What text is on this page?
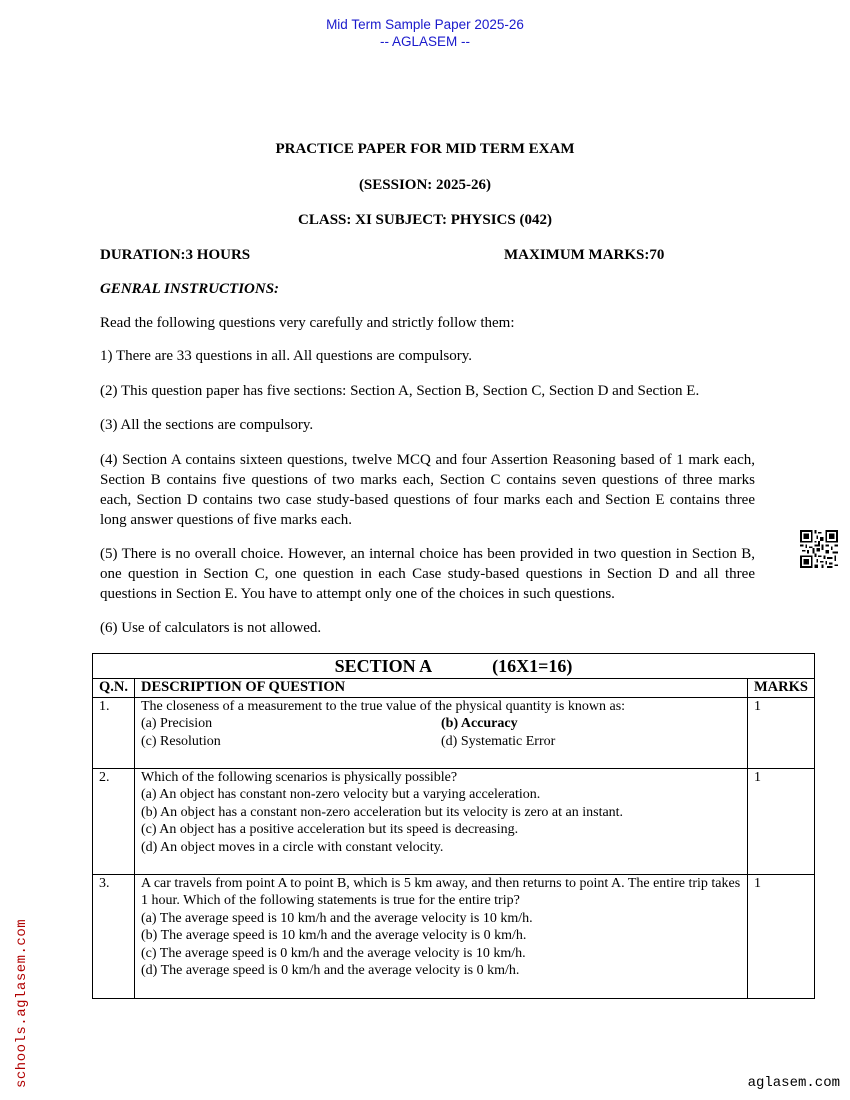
Mid Term Sample Paper 2025-26
-- AGLASEM --
PRACTICE PAPER FOR MID TERM EXAM
(SESSION: 2025-26)
CLASS: XI SUBJECT: PHYSICS (042)
DURATION:3 HOURS	MAXIMUM MARKS:70
GENRAL INSTRUCTIONS:
Read the following questions very carefully and strictly follow them:
1) There are 33 questions in all. All questions are compulsory.
(2) This question paper has five sections: Section A, Section B, Section C, Section D and Section E.
(3) All the sections are compulsory.
(4) Section A contains sixteen questions, twelve MCQ and four Assertion Reasoning based of 1 mark each, Section B contains five questions of two marks each, Section C contains seven questions of three marks each, Section D contains two case study-based questions of four marks each and Section E contains three long answer questions of five marks each.
(5) There is no overall choice. However, an internal choice has been provided in two question in Section B, one question in Section C, one question in each Case study-based questions in Section D and all three questions in Section E. You have to attempt only one of the choices in such questions.
(6) Use of calculators is not allowed.
SECTION A (16X1=16)		
Q.N.	DESCRIPTION OF QUESTION	MARKS
1.	The closeness of a measurement to the true value of the physical quantity is known as:
(a) Precision (b) Accuracy
(c) Resolution (d) Systematic Error	1
2.	Which of the following scenarios is physically possible?
(a) An object has constant non-zero velocity but a varying acceleration.
(b) An object has a constant non-zero acceleration but its velocity is zero at an instant.
(c) An object has a positive acceleration but its speed is decreasing.
(d) An object moves in a circle with constant velocity.	1
3.	A car travels from point A to point B, which is 5 km away, and then returns to point A. The entire trip takes 1 hour. Which of the following statements is true for the entire trip?
(a) The average speed is 10 km/h and the average velocity is 10 km/h.
(b) The average speed is 10 km/h and the average velocity is 0 km/h.
(c) The average speed is 0 km/h and the average velocity is 10 km/h.
(d) The average speed is 0 km/h and the average velocity is 0 km/h.	1
schools.aglasem.com	aglasem.com
